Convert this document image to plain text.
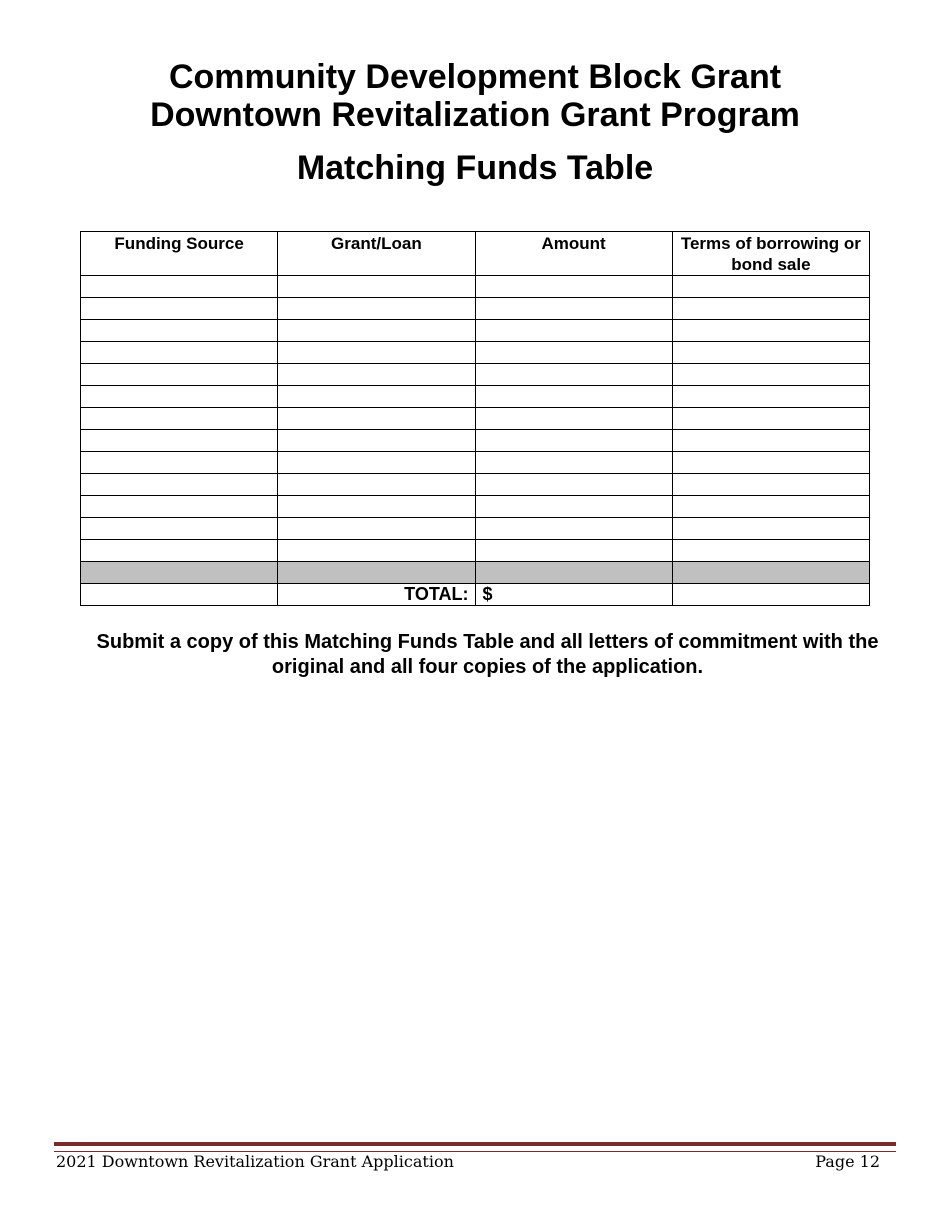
Community Development Block Grant
Downtown Revitalization Grant Program
Matching Funds Table
Funding Source	Grant/Loan	Amount	Terms of borrowing or bond sale

	TOTAL:	$	
Submit a copy of this Matching Funds Table and all letters of commitment with the original and all four copies of the application.
2021 Downtown Revitalization Grant Application	Page 12
